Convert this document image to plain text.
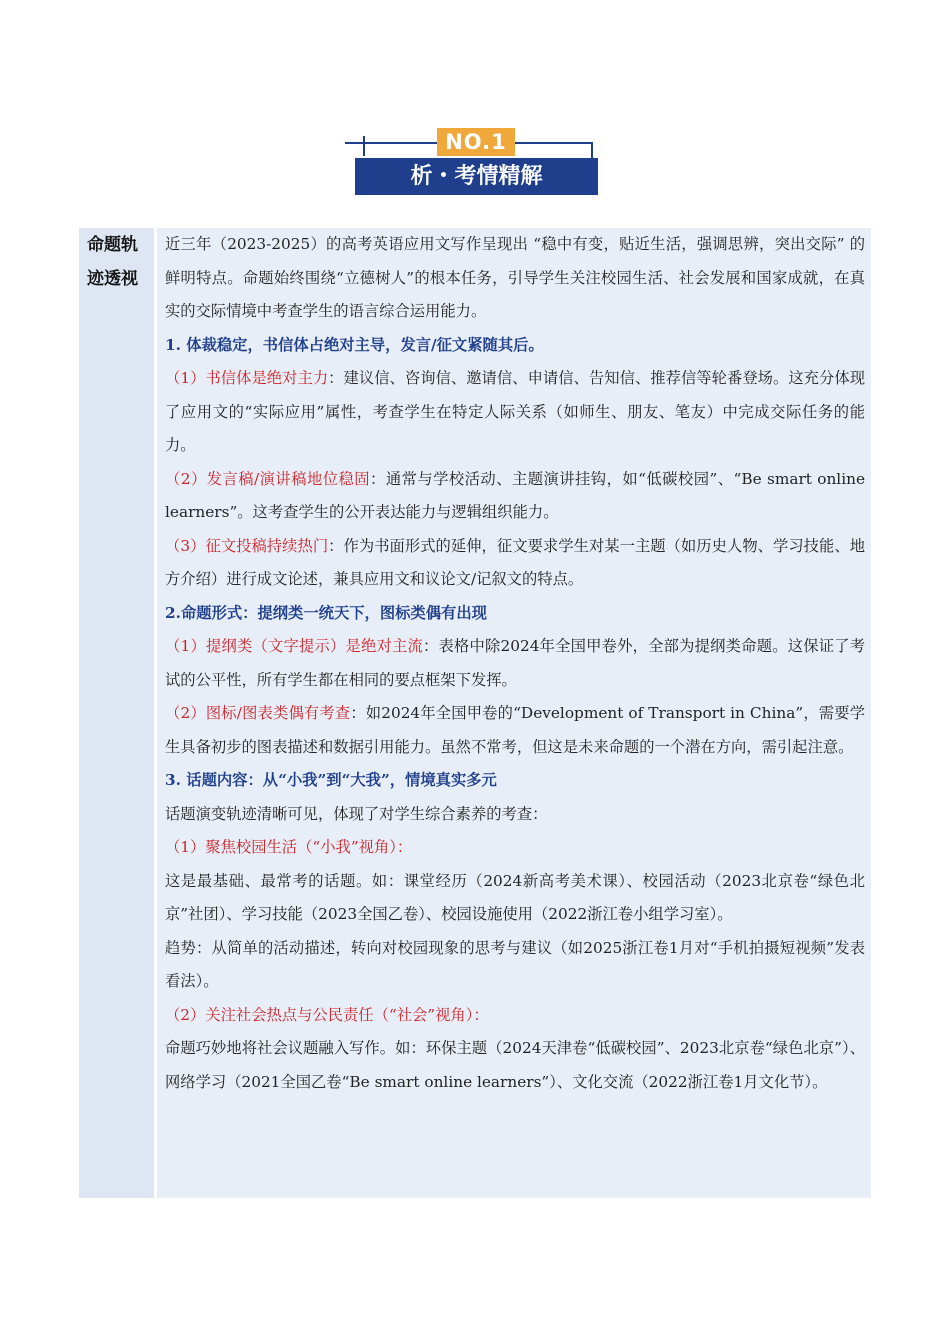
NO.1
析・考情精解
命题轨迹透视

近三年（2023-2025）的高考英语应用文写作呈现出 “稳中有变，贴近生活，强调思辨，突出交际” 的鲜明特点。命题始终围绕“立德树人”的根本任务，引导学生关注校园生活、社会发展和国家成就，在真实的交际情境中考查学生的语言综合运用能力。

1. 体裁稳定，书信体占绝对主导，发言/征文紧随其后。

（1）书信体是绝对主力：建议信、咨询信、邀请信、申请信、告知信、推荐信等轮番登场。这充分体现了应用文的“实际应用”属性，考查学生在特定人际关系（如师生、朋友、笔友）中完成交际任务的能力。

（2）发言稿/演讲稿地位稳固：通常与学校活动、主题演讲挂钩，如“低碳校园”、“Be smart online learners”。这考查学生的公开表达能力与逻辑组织能力。

（3）征文投稿持续热门：作为书面形式的延伸，征文要求学生对某一主题（如历史人物、学习技能、地方介绍）进行成文论述，兼具应用文和议论文/记叙文的特点。

2.命题形式：提纲类一统天下，图标类偶有出现

（1）提纲类（文字提示）是绝对主流：表格中除2024年全国甲卷外，全部为提纲类命题。这保证了考试的公平性，所有学生都在相同的要点框架下发挥。

（2）图标/图表类偶有考查：如2024年全国甲卷的“Development of Transport in China”，需要学生具备初步的图表描述和数据引用能力。虽然不常考，但这是未来命题的一个潜在方向，需引起注意。

3. 话题内容：从“小我”到“大我”，情境真实多元

话题演变轨迹清晰可见，体现了对学生综合素养的考查：

（1）聚焦校园生活（“小我”视角）：

这是最基础、最常考的话题。如：课堂经历（2024新高考美术课）、校园活动（2023北京卷“绿色北京”社团）、学习技能（2023全国乙卷）、校园设施使用（2022浙江卷小组学习室）。

趋势：从简单的活动描述，转向对校园现象的思考与建议（如2025浙江卷1月对“手机拍摄短视频”发表看法）。

（2）关注社会热点与公民责任（“社会”视角）：

命题巧妙地将社会议题融入写作。如：环保主题（2024天津卷“低碳校园”、2023北京卷“绿色北京”）、网络学习（2021全国乙卷“Be smart online learners”）、文化交流（2022浙江卷1月文化节）。
